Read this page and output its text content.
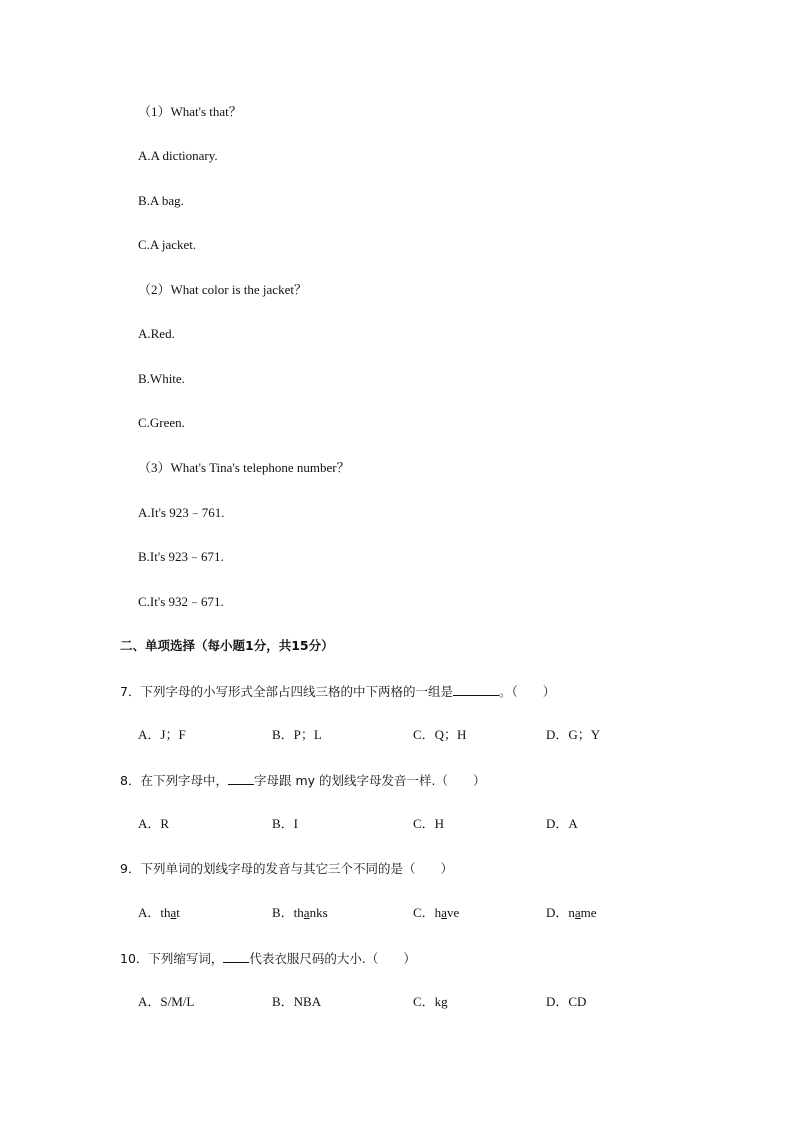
（1）What's that？
A.A dictionary.
B.A bag.
C.A jacket.
（2）What color is the jacket？
A.Red.
B.White.
C.Green.
（3）What's Tina's telephone number？
A.It's 923﹣761.
B.It's 923﹣671.
C.It's 932﹣671.
二、单项选择（每小题1分，共15分）
7．下列字母的小写形式全部占四线三格的中下两格的一组是	。（　　）
A．J；F	B．P；L	C．Q；H	D．G；Y
8．在下列字母中， 字母跟 my 的划线字母发音一样.（　　）
A．R	B．I	C．H	D．A
9．下列单词的划线字母的发音与其它三个不同的是（　　）
A．that	B．thanks	C．have	D．name
10．下列缩写词， 代表衣服尺码的大小.（　　）
A．S/M/L	B．NBA	C．kg	D．CD
